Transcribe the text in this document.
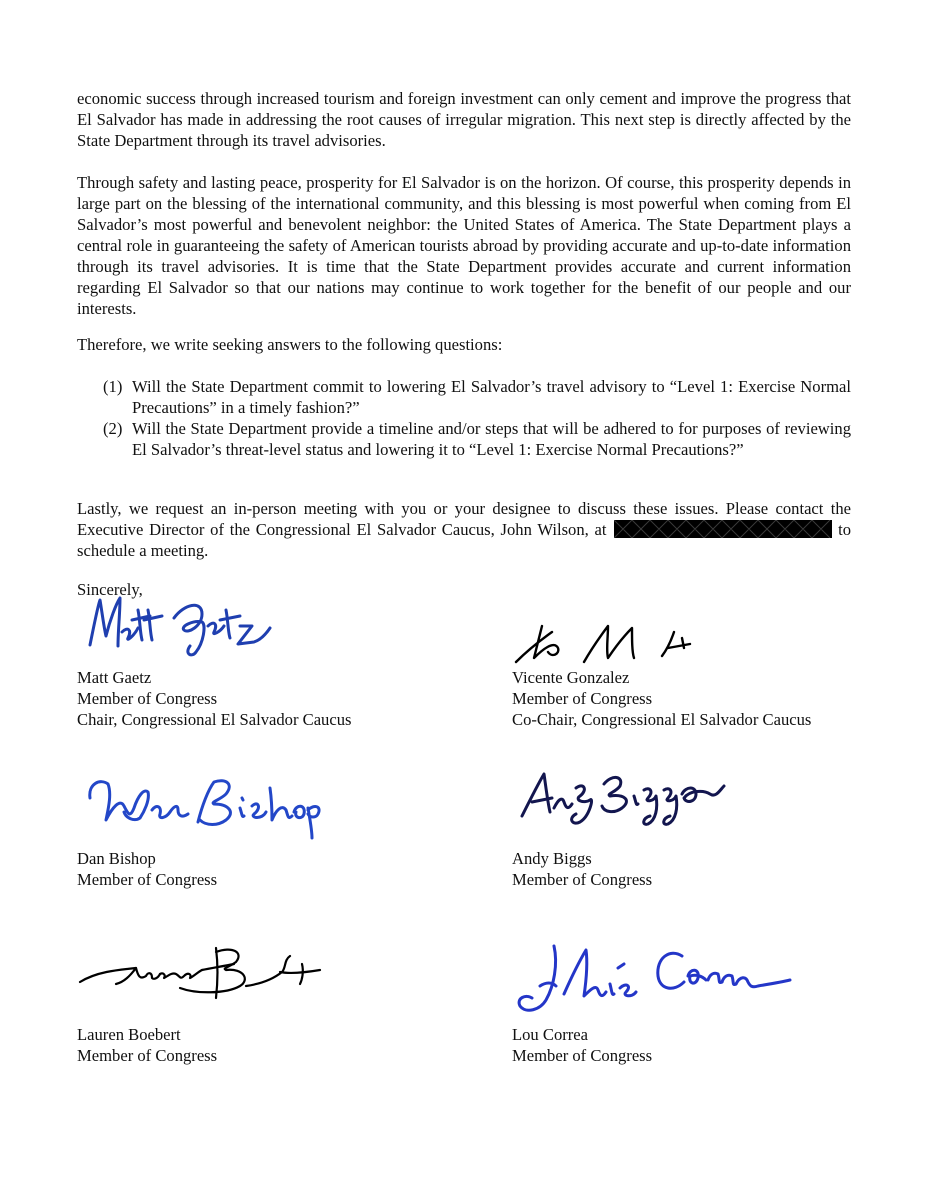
economic success through increased tourism and foreign investment can only cement and improve the progress that El Salvador has made in addressing the root causes of irregular migration. This next step is directly affected by the State Department through its travel advisories.

Through safety and lasting peace, prosperity for El Salvador is on the horizon. Of course, this prosperity depends in large part on the blessing of the international community, and this blessing is most powerful when coming from El Salvador’s most powerful and benevolent neighbor: the United States of America. The State Department plays a central role in guaranteeing the safety of American tourists abroad by providing accurate and up-to-date information through its travel advisories. It is time that the State Department provides accurate and current information regarding El Salvador so that our nations may continue to work together for the benefit of our people and our interests.

Therefore, we write seeking answers to the following questions:

(1) Will the State Department commit to lowering El Salvador’s travel advisory to “Level 1: Exercise Normal Precautions” in a timely fashion?”
(2) Will the State Department provide a timeline and/or steps that will be adhered to for purposes of reviewing El Salvador’s threat-level status and lowering it to “Level 1: Exercise Normal Precautions?”

Lastly, we request an in-person meeting with you or your designee to discuss these issues. Please contact the Executive Director of the Congressional El Salvador Caucus, John Wilson, at	to schedule a meeting.

Sincerely,

Matt Gaetz
Member of Congress
Chair, Congressional El Salvador Caucus
Vicente Gonzalez
Member of Congress
Co-Chair, Congressional El Salvador Caucus
Dan Bishop
Member of Congress
Andy Biggs
Member of Congress
Lauren Boebert
Member of Congress
Lou Correa
Member of Congress
